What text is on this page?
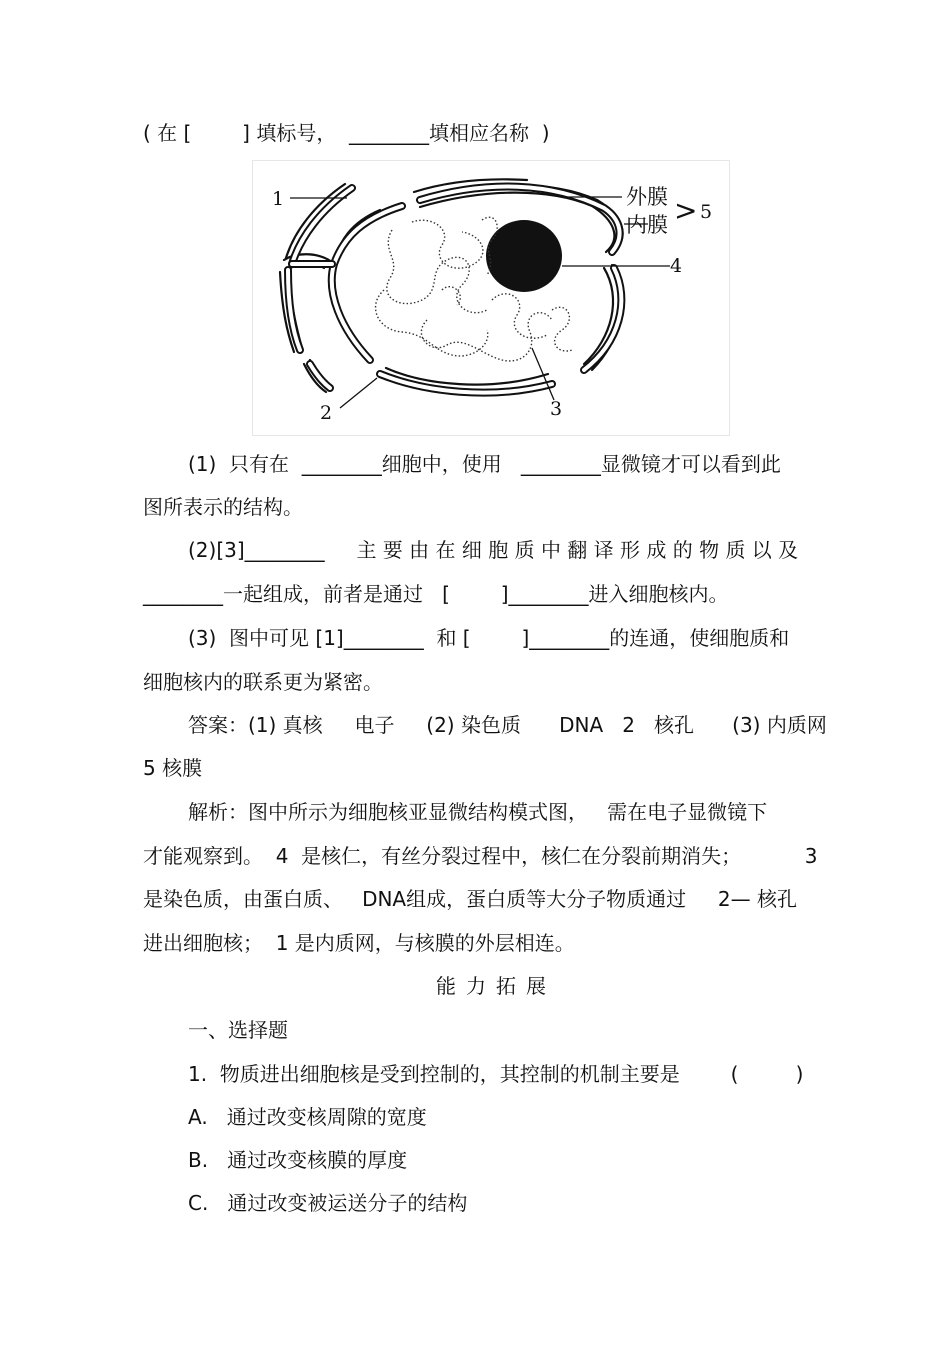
( 在 [        ] 填标号，  ________填相应名称  )
1
2	3
4
外膜
内膜 > 5
(1)  只有在  ________细胞中，使用   ________显微镜才可以看到此
图所表示的结构。
(2)[3]________     主 要 由 在 细 胞 质 中 翻 译 形 成 的 物 质 以 及
________一起组成，前者是通过   [        ]________进入细胞核内。
(3)  图中可见 [1]________  和 [        ]________的连通，使细胞质和
细胞核内的联系更为紧密。
答案：(1) 真核     电子     (2) 染色质      DNA   2   核孔      (3) 内质网
5 核膜
解析：图中所示为细胞核亚显微结构模式图，   需在电子显微镜下
才能观察到。  4  是核仁，有丝分裂过程中，核仁在分裂前期消失；          3
是染色质，由蛋白质、   DNA组成，蛋白质等大分子物质通过     2— 核孔
进出细胞核；  1 是内质网，与核膜的外层相连。
能力拓展
一、选择题
1.  物质进出细胞核是受到控制的，其控制的机制主要是        (         )
A.   通过改变核周隙的宽度
B.   通过改变核膜的厚度
C.   通过改变被运送分子的结构
